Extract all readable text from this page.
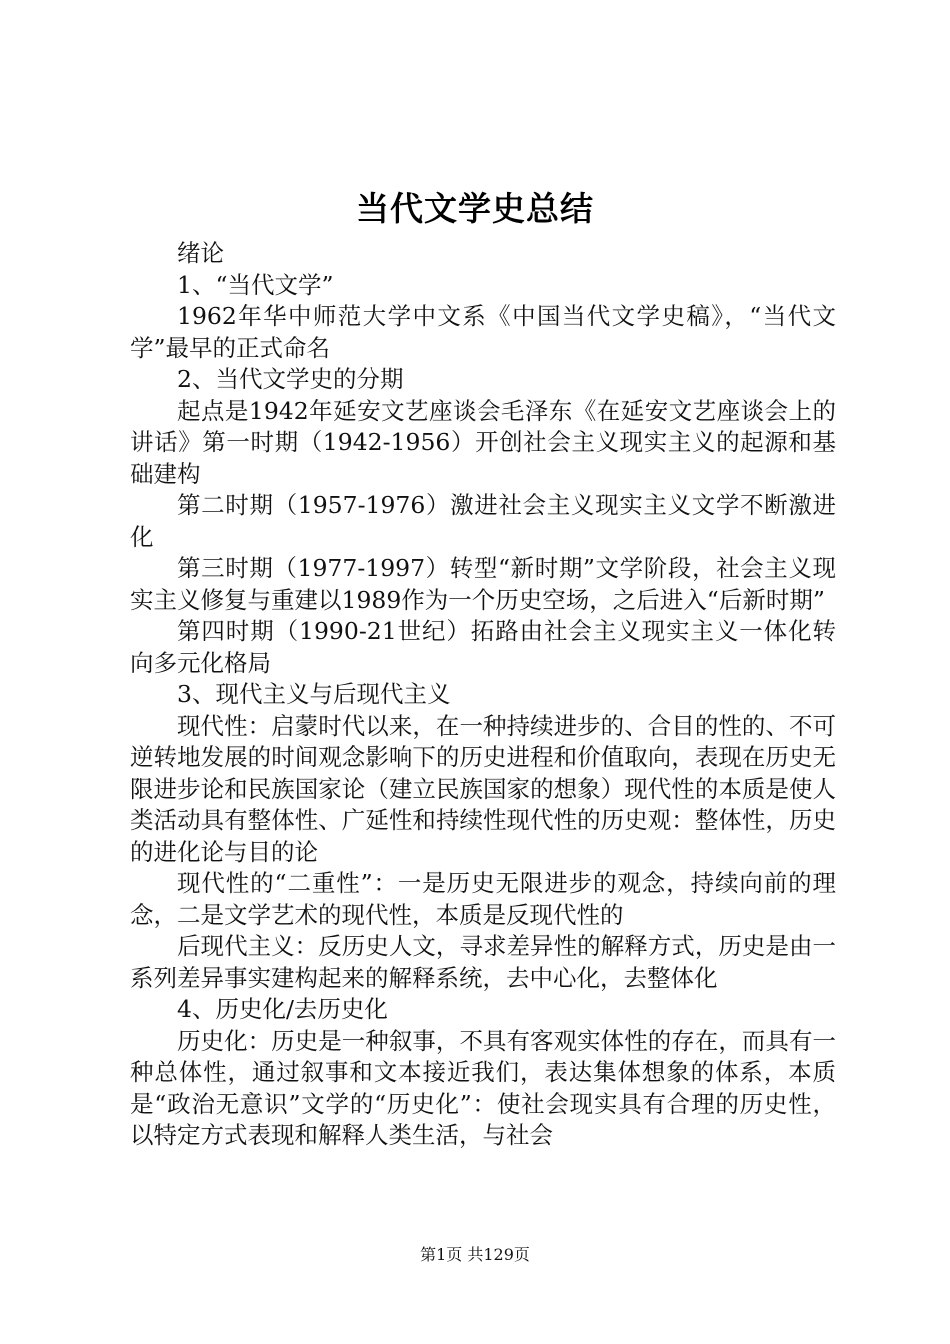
当代文学史总结

绪论

1、“当代文学”

1962年华中师范大学中文系《中国当代文学史稿》，“当代文学”最早的正式命名

2、当代文学史的分期

起点是1942年延安文艺座谈会毛泽东《在延安文艺座谈会上的讲话》第一时期（1942-1956）开创社会主义现实主义的起源和基础建构

第二时期（1957-1976）激进社会主义现实主义文学不断激进化

第三时期（1977-1997）转型“新时期”文学阶段，社会主义现实主义修复与重建以1989作为一个历史空场，之后进入“后新时期”

第四时期（1990-21世纪）拓路由社会主义现实主义一体化转向多元化格局

3、现代主义与后现代主义

现代性：启蒙时代以来，在一种持续进步的、合目的性的、不可逆转地发展的时间观念影响下的历史进程和价值取向，表现在历史无限进步论和民族国家论（建立民族国家的想象）现代性的本质是使人类活动具有整体性、广延性和持续性现代性的历史观：整体性，历史的进化论与目的论

现代性的“二重性”：一是历史无限进步的观念，持续向前的理念，二是文学艺术的现代性，本质是反现代性的

后现代主义：反历史人文，寻求差异性的解释方式，历史是由一系列差异事实建构起来的解释系统，去中心化，去整体化

4、历史化/去历史化

历史化：历史是一种叙事，不具有客观实体性的存在，而具有一种总体性，通过叙事和文本接近我们，表达集体想象的体系，本质是“政治无意识”文学的“历史化”：使社会现实具有合理的历史性，以特定方式表现和解释人类生活，与社会

第1页 共129页
